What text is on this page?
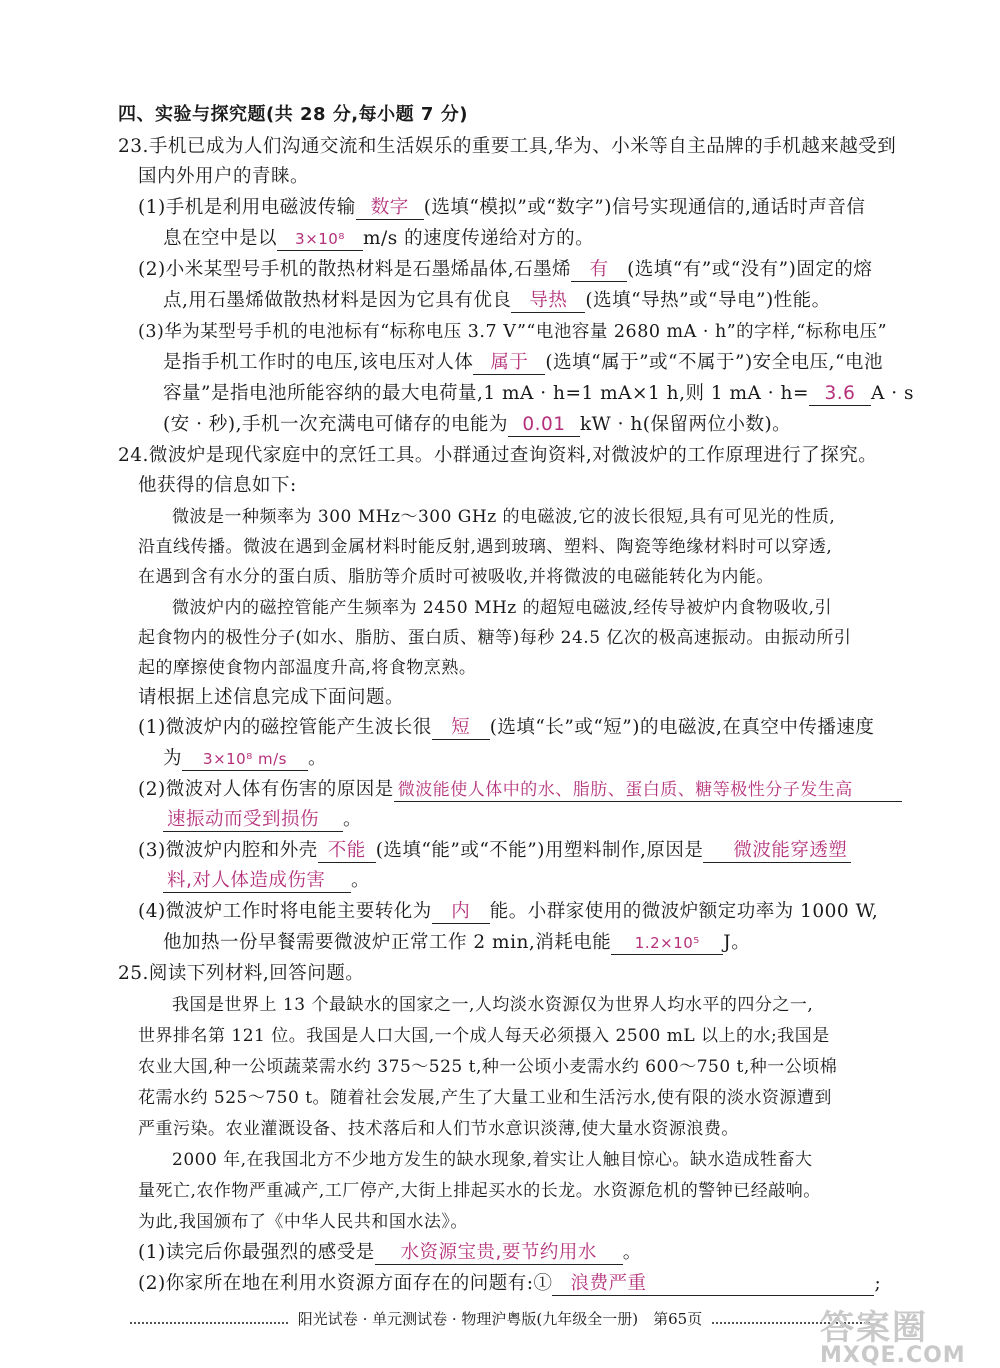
四、实验与探究题(共 28 分,每小题 7 分)
23.手机已成为人们沟通交流和生活娱乐的重要工具,华为、小米等自主品牌的手机越来越受到
国内外用户的青睐。
(1)手机是利用电磁波传输 数字 (选填“模拟”或“数字”)信号实现通信的,通话时声音信
息在空中是以 3×10⁸ m/s 的速度传递给对方的。
(2)小米某型号手机的散热材料是石墨烯晶体,石墨烯 有 (选填“有”或“没有”)固定的熔
点,用石墨烯做散热材料是因为它具有优良 导热 (选填“导热”或“导电”)性能。
(3)华为某型号手机的电池标有“标称电压 3.7 V”“电池容量 2680 mA · h”的字样,“标称电压”
是指手机工作时的电压,该电压对人体 属于 (选填“属于”或“不属于”)安全电压,“电池
容量”是指电池所能容纳的最大电荷量,1 mA · h=1 mA×1 h,则 1 mA · h= 3.6 A · s
(安 · 秒),手机一次充满电可储存的电能为 0.01 kW · h(保留两位小数)。
24.微波炉是现代家庭中的烹饪工具。小群通过查询资料,对微波炉的工作原理进行了探究。
他获得的信息如下:
微波是一种频率为 300 MHz～300 GHz 的电磁波,它的波长很短,具有可见光的性质,
沿直线传播。微波在遇到金属材料时能反射,遇到玻璃、塑料、陶瓷等绝缘材料时可以穿透,
在遇到含有水分的蛋白质、脂肪等介质时可被吸收,并将微波的电磁能转化为内能。
微波炉内的磁控管能产生频率为 2450 MHz 的超短电磁波,经传导被炉内食物吸收,引
起食物内的极性分子(如水、脂肪、蛋白质、糖等)每秒 24.5 亿次的极高速振动。由振动所引
起的摩擦使食物内部温度升高,将食物烹熟。
请根据上述信息完成下面问题。
(1)微波炉内的磁控管能产生波长很 短 (选填“长”或“短”)的电磁波,在真空中传播速度
为 3×10⁸ m/s 。
(2)微波对人体有伤害的原因是 微波能使人体中的水、脂肪、蛋白质、糖等极性分子发生高
速振动而受到损伤 。
(3)微波炉内腔和外壳 不能 (选填“能”或“不能”)用塑料制作,原因是 微波能穿透塑
料,对人体造成伤害 。
(4)微波炉工作时将电能主要转化为 内 能。小群家使用的微波炉额定功率为 1000 W,
他加热一份早餐需要微波炉正常工作 2 min,消耗电能 1.2×10⁵ J。
25.阅读下列材料,回答问题。
我国是世界上 13 个最缺水的国家之一,人均淡水资源仅为世界人均水平的四分之一,
世界排名第 121 位。我国是人口大国,一个成人每天必须摄入 2500 mL 以上的水;我国是
农业大国,种一公顷蔬菜需水约 375～525 t,种一公顷小麦需水约 600～750 t,种一公顷棉
花需水约 525～750 t。随着社会发展,产生了大量工业和生活污水,使有限的淡水资源遭到
严重污染。农业灌溉设备、技术落后和人们节水意识淡薄,使大量水资源浪费。
2000 年,在我国北方不少地方发生的缺水现象,着实让人触目惊心。缺水造成牲畜大
量死亡,农作物严重减产,工厂停产,大街上排起买水的长龙。水资源危机的警钟已经敲响。
为此,我国颁布了《中华人民共和国水法》。
(1)读完后你最强烈的感受是 水资源宝贵,要节约用水 。
(2)你家所在地在利用水资源方面存在的问题有:① 浪费严重	;
阳光试卷 · 单元测试卷 · 物理沪粤版(九年级全一册)　第65页	答案圈
MXQE.COM
